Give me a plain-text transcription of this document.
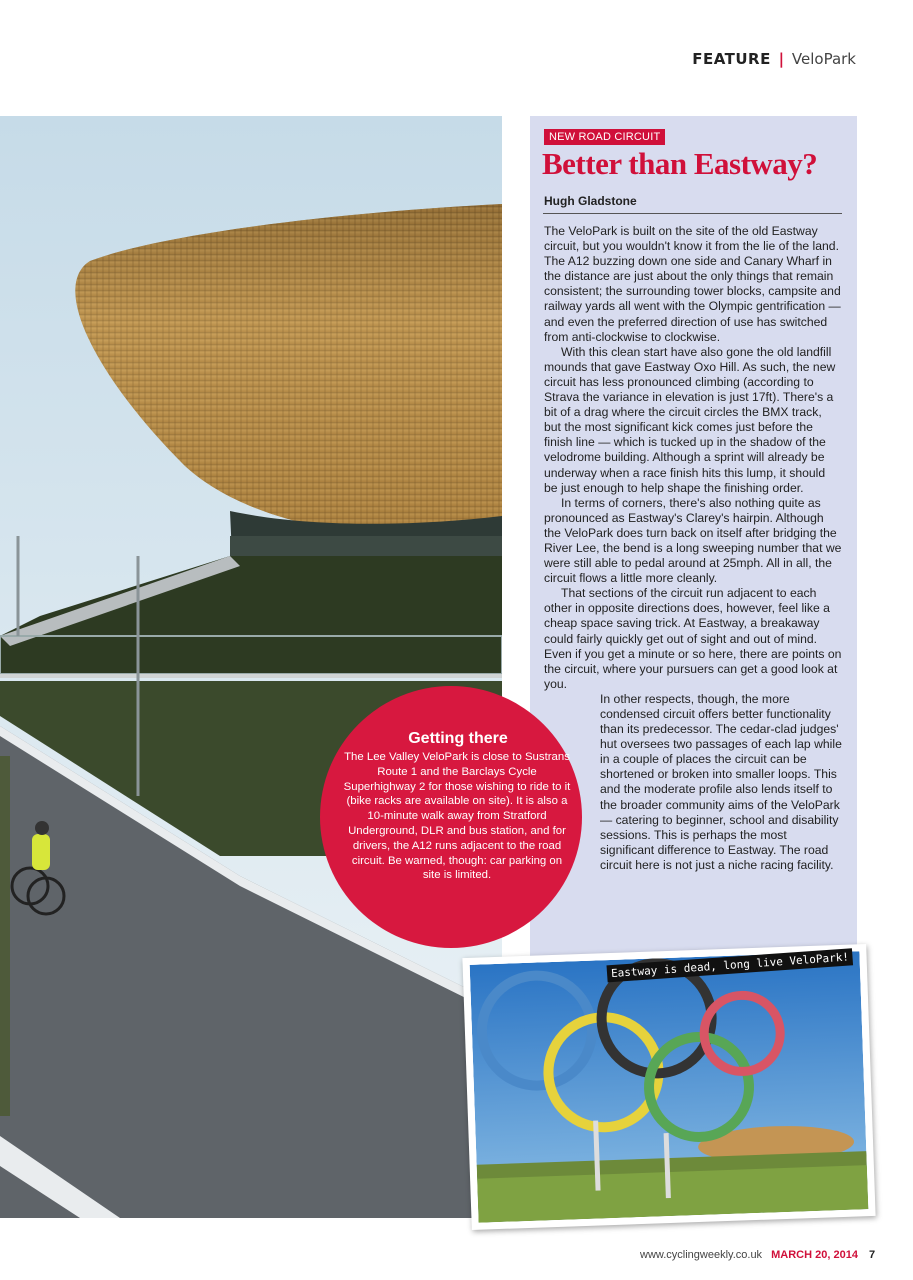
FEATURE | VeloPark
NEW ROAD CIRCUIT
Better than Eastway?
Hugh Gladstone

The VeloPark is built on the site of the old Eastway circuit, but you wouldn't know it from the lie of the land. The A12 buzzing down one side and Canary Wharf in the distance are just about the only things that remain consistent; the surrounding tower blocks, campsite and railway yards all went with the Olympic gentrification — and even the preferred direction of use has switched from anti-clockwise to clockwise.

With this clean start have also gone the old landfill mounds that gave Eastway Oxo Hill. As such, the new circuit has less pronounced climbing (according to Strava the variance in elevation is just 17ft). There's a bit of a drag where the circuit circles the BMX track, but the most significant kick comes just before the finish line — which is tucked up in the shadow of the velodrome building. Although a sprint will already be underway when a race finish hits this lump, it should be just enough to help shape the finishing order.

In terms of corners, there's also nothing quite as pronounced as Eastway's Clarey's hairpin. Although the VeloPark does turn back on itself after bridging the River Lee, the bend is a long sweeping number that we were still able to pedal around at 25mph. All in all, the circuit flows a little more cleanly.

That sections of the circuit run adjacent to each other in opposite directions does, however, feel like a cheap space saving trick. At Eastway, a breakaway could fairly quickly get out of sight and out of mind. Even if you get a minute or so here, there are points on the circuit, where your pursuers can get a good look at you.

In other respects, though, the more condensed circuit offers better functionality than its predecessor. The cedar-clad judges' hut oversees two passages of each lap while in a couple of places the circuit can be shortened or broken into smaller loops. This and the moderate profile also lends itself to the broader community aims of the VeloPark — catering to beginner, school and disability sessions. This is perhaps the most significant difference to Eastway. The road circuit here is not just a niche racing facility.

Getting there
The Lee Valley VeloPark is close to Sustrans Route 1 and the Barclays Cycle Superhighway 2 for those wishing to ride to it (bike racks are available on site). It is also a 10-minute walk away from Stratford Underground, DLR and bus station, and for drivers, the A12 runs adjacent to the road circuit. Be warned, though: car parking on site is limited.
Eastway is dead, long live VeloPark!
www.cyclingweekly.co.uk MARCH 20, 2014 7
